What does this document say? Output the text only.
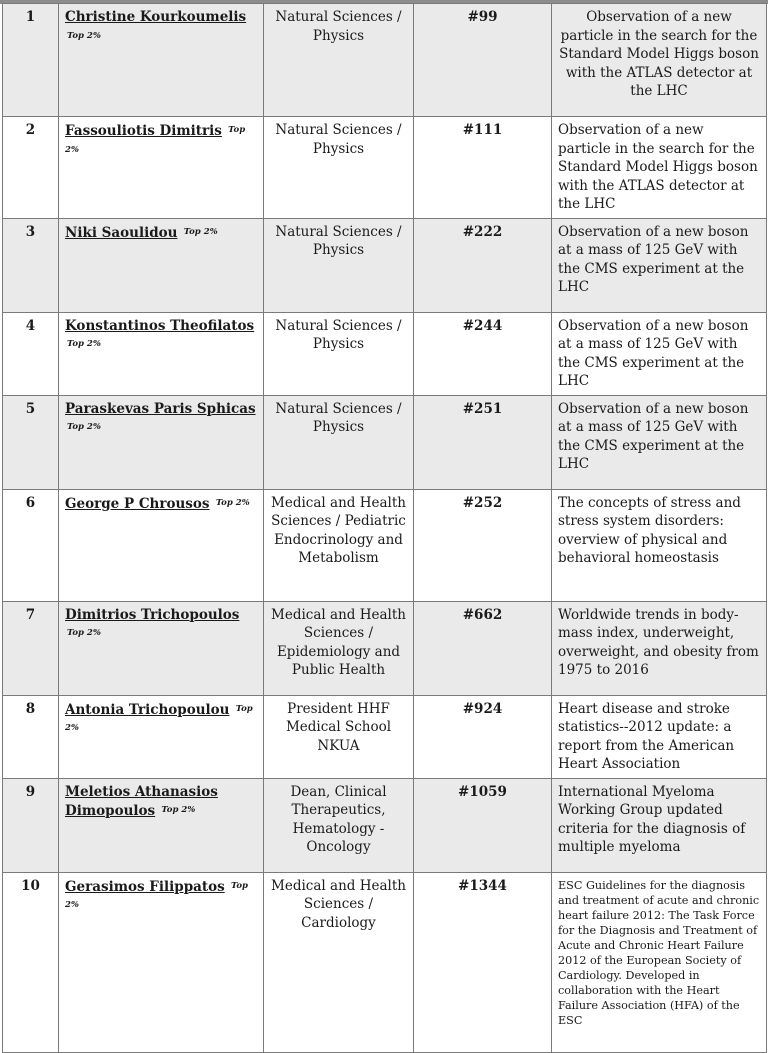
1	Christine Kourkoumelis $^{Top 2\%}$	Natural Sciences / Physics	#99	Observation of a new particle in the search for the Standard Model Higgs boson with the ATLAS detector at the LHC
2	Fassouliotis Dimitris $^{Top 2\%}$	Natural Sciences / Physics	#111	Observation of a new particle in the search for the Standard Model Higgs boson with the ATLAS detector at the LHC
3	Niki Saoulidou $^{Top 2\%}$	Natural Sciences / Physics	#222	Observation of a new boson at a mass of 125 GeV with the CMS experiment at the LHC
4	Konstantinos Theofilatos $^{Top 2\%}$	Natural Sciences / Physics	#244	Observation of a new boson at a mass of 125 GeV with the CMS experiment at the LHC
5	Paraskevas Paris Sphicas $^{Top 2\%}$	Natural Sciences / Physics	#251	Observation of a new boson at a mass of 125 GeV with the CMS experiment at the LHC
6	George P Chrousos $^{Top 2\%}$	Medical and Health Sciences / Pediatric Endocrinology and Metabolism	#252	The concepts of stress and stress system disorders: overview of physical and behavioral homeostasis
7	Dimitrios Trichopoulos $^{Top 2\%}$	Medical and Health Sciences / Epidemiology and Public Health	#662	Worldwide trends in body-mass index, underweight, overweight, and obesity from 1975 to 2016
8	Antonia Trichopoulou $^{Top 2\%}$	President HHF Medical School NKUA	#924	Heart disease and stroke statistics--2012 update: a report from the American Heart Association
9	Meletios Athanasios Dimopoulos $^{Top 2\%}$	Dean, Clinical Therapeutics, Hematology - Oncology	#1059	International Myeloma Working Group updated criteria for the diagnosis of multiple myeloma
10	Gerasimos Filippatos $^{Top 2\%}$	Medical and Health Sciences / Cardiology	#1344	ESC Guidelines for the diagnosis and treatment of acute and chronic heart failure 2012: The Task Force for the Diagnosis and Treatment of Acute and Chronic Heart Failure 2012 of the European Society of Cardiology. Developed in collaboration with the Heart Failure Association (HFA) of the ESC
